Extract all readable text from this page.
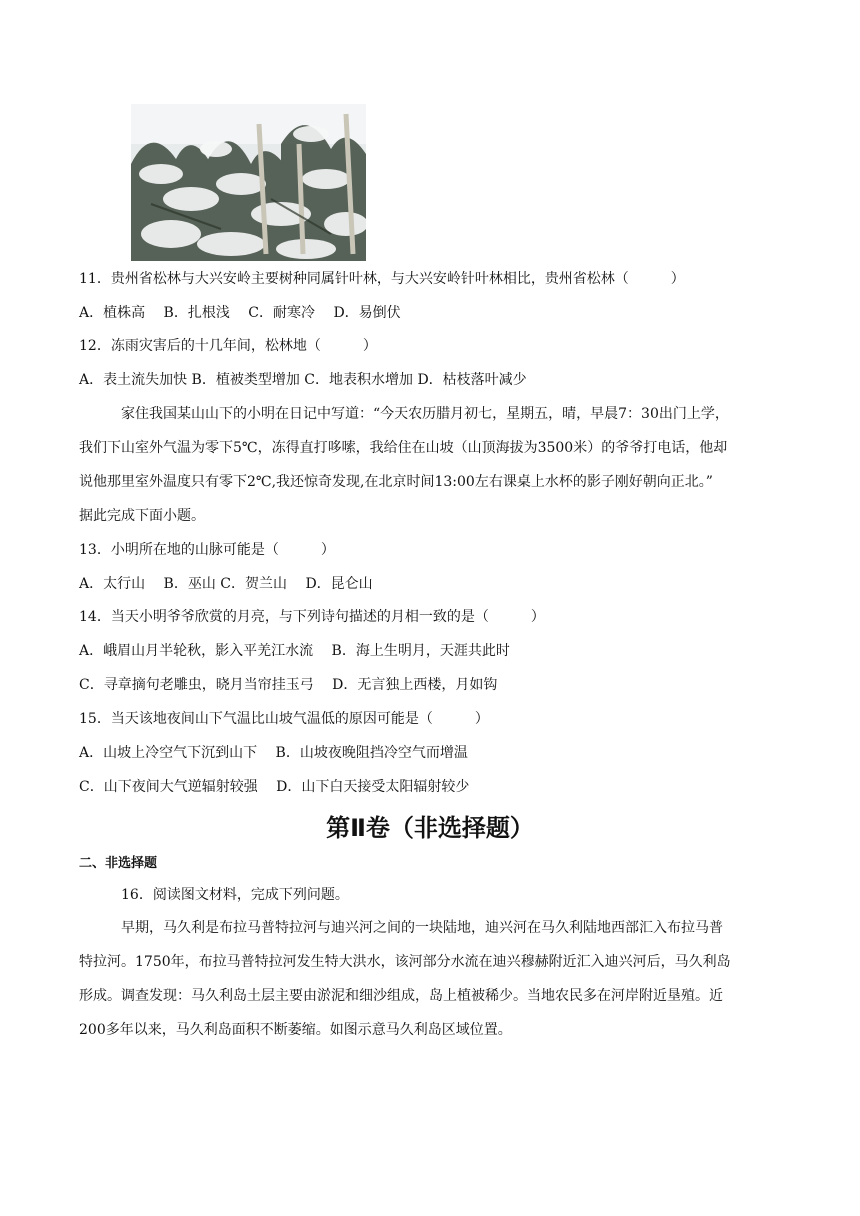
11．贵州省松林与大兴安岭主要树种同属针叶林，与大兴安岭针叶林相比，贵州省松林（　　　）
A．植株高　 B．扎根浅　 C．耐寒冷　 D．易倒伏
12．冻雨灾害后的十几年间，松林地（　　　）
A．表土流失加快 B．植被类型增加 C．地表积水增加 D．枯枝落叶减少
家住我国某山山下的小明在日记中写道：“今天农历腊月初七，星期五，晴，早晨7：30出门上学，
我们下山室外气温为零下5℃，冻得直打哆嗦，我给住在山坡（山顶海拔为3500米）的爷爷打电话，他却
说他那里室外温度只有零下2℃,我还惊奇发现,在北京时间13:00左右课桌上水杯的影子刚好朝向正北。”
据此完成下面小题。
13．小明所在地的山脉可能是（　　　）
A．太行山　 B．巫山 C．贺兰山　 D．昆仑山
14．当天小明爷爷欣赏的月亮，与下列诗句描述的月相一致的是（　　　）
A．峨眉山月半轮秋，影入平羌江水流　 B．海上生明月，天涯共此时
C．寻章摘句老雕虫，晓月当帘挂玉弓　 D．无言独上西楼，月如钩
15．当天该地夜间山下气温比山坡气温低的原因可能是（　　　）
A．山坡上冷空气下沉到山下　 B．山坡夜晚阻挡冷空气而增温
C．山下夜间大气逆辐射较强　 D．山下白天接受太阳辐射较少
第Ⅱ卷（非选择题）
二、非选择题
16．阅读图文材料，完成下列问题。
早期，马久利是布拉马普特拉河与迪兴河之间的一块陆地，迪兴河在马久利陆地西部汇入布拉马普
特拉河。1750年，布拉马普特拉河发生特大洪水，该河部分水流在迪兴穆赫附近汇入迪兴河后，马久利岛
形成。调查发现：马久利岛土层主要由淤泥和细沙组成，岛上植被稀少。当地农民多在河岸附近垦殖。近
200多年以来，马久利岛面积不断萎缩。如图示意马久利岛区域位置。
